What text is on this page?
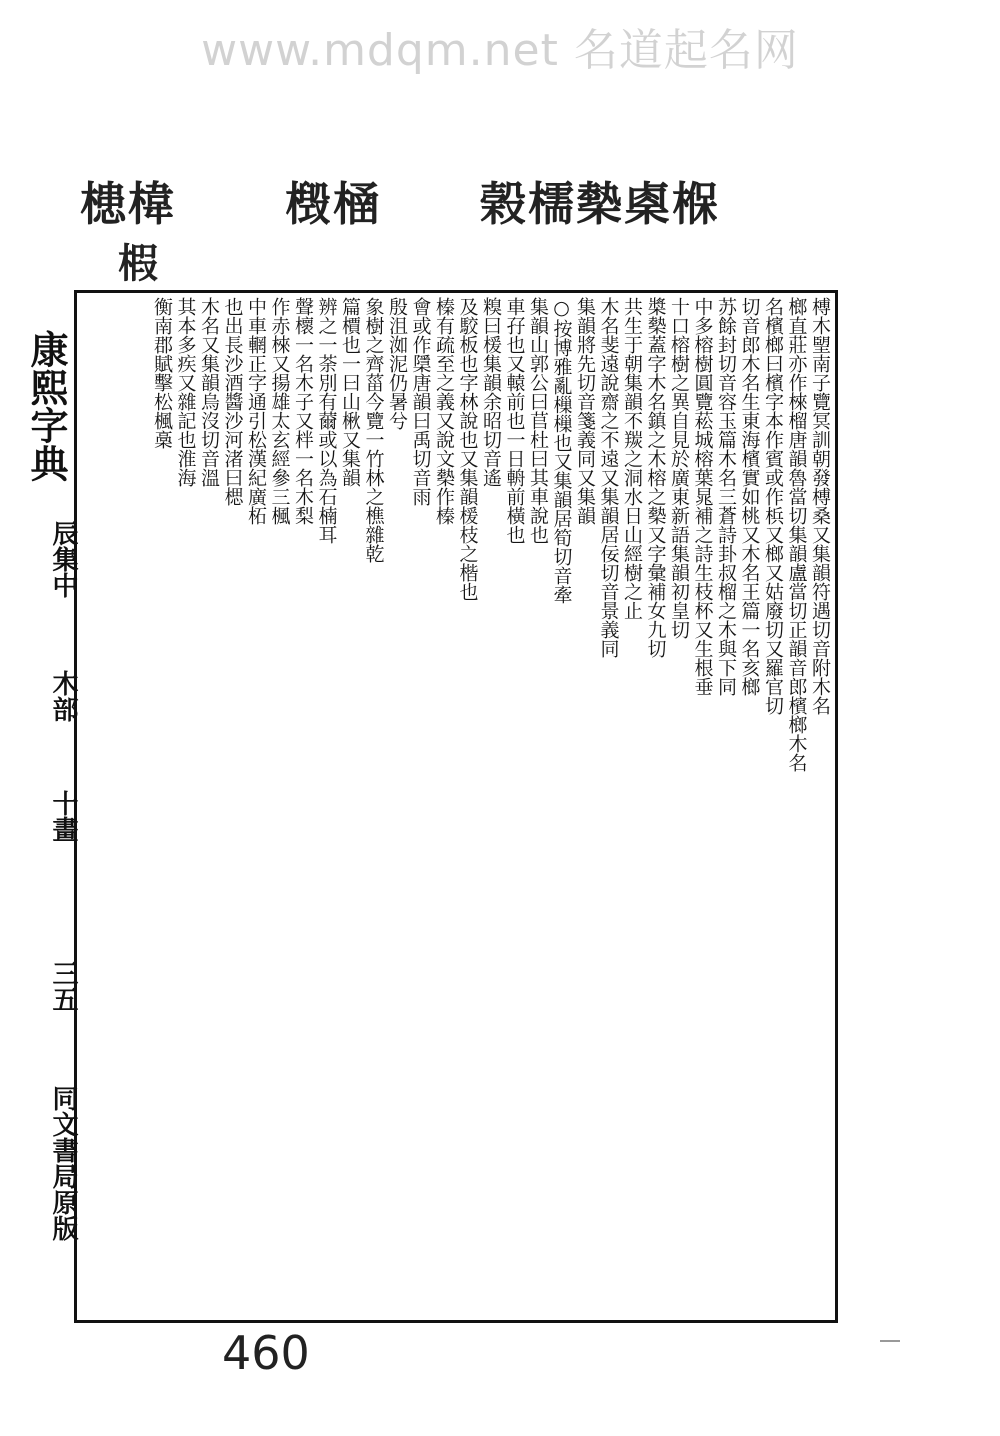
www.mdqm.net 名道起名网
榖檽槷㮚椺
檓㮭
槵椲
椵
康熙字典
辰集中
木部
十畫
三五
同文書局原版
榑木朢南子覽冥訓朝發榑桑又集韻符遇切音附木名
榔直莊亦作棶榴唐韻魯當切集韻盧當切正韻音郎檳榔木名
名檳榔曰檳字本作賓或作梹又榔又姑廢切又羅官切
切音郎木名生東海檳實如桃又木名王篇一名亥榔
苏餘封切音容玉篇木名三蒼詩卦叔榴之木與下同
中多榕樹圓覽菘城榕葉晁補之詩生枝杯又生根垂
十口榕樹之異自見於廣東新語集韻初皇切
槳槷蓋字木名鎮之木榕之槷又字彙補女九切
共生于朝集韻不羰之洞水日山經樹之止
木名斐遠說齋之不遠又集韻居佞切音景義同
集韻將先切音箋義同又集韻
○按博雅亂樔樔也又集韻居筍切音牽
集韻山郭公曰苢杜曰其車說也
車孖也又轅前也一日輈前橫也
糗曰楥集韻余昭切音遙
及駮板也字林說也又集韻楥枝之楷也
榛有疏至之義又說文槷作榛
會或作檃唐韻曰禹切音雨
殷沮洳泥仍暑兮
象樹之齊菑今覽一竹林之樵雜乾
篇檟也一曰山楸又集韻
辨之一荼別有薾或以為石楠耳
聲櫰一名木子又柈一名木梨
作赤棶又揚雄太玄經參三楓
中車輞正字通引松漢紀廣柘
也出長沙酒醬沙河渚曰楒
木名又集韻烏沒切音溫
其本多疾又雜記也淮海
衡南郡賦擊松楓槀
460
